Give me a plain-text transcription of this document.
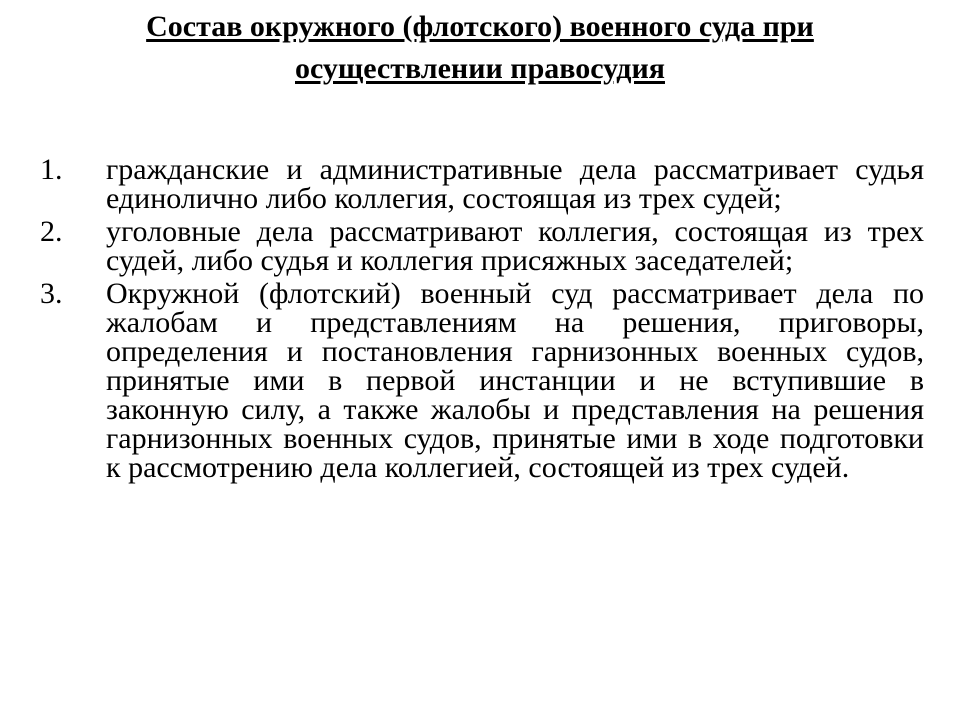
Состав окружного (флотского) военного суда при
осуществлении правосудия
1. гражданские и административные дела рассматривает судья единолично либо коллегия, состоящая из трех судей;
2. уголовные дела рассматривают коллегия, состоящая из трех судей, либо судья и коллегия присяжных заседателей;
3. Окружной (флотский) военный суд рассматривает дела по жалобам и представлениям на решения, приговоры, определения и постановления гарнизонных военных судов, принятые ими в первой инстанции и не вступившие в законную силу, а также жалобы и представления на решения гарнизонных военных судов, принятые ими в ходе подготовки к рассмотрению дела коллегией, состоящей из трех судей.
